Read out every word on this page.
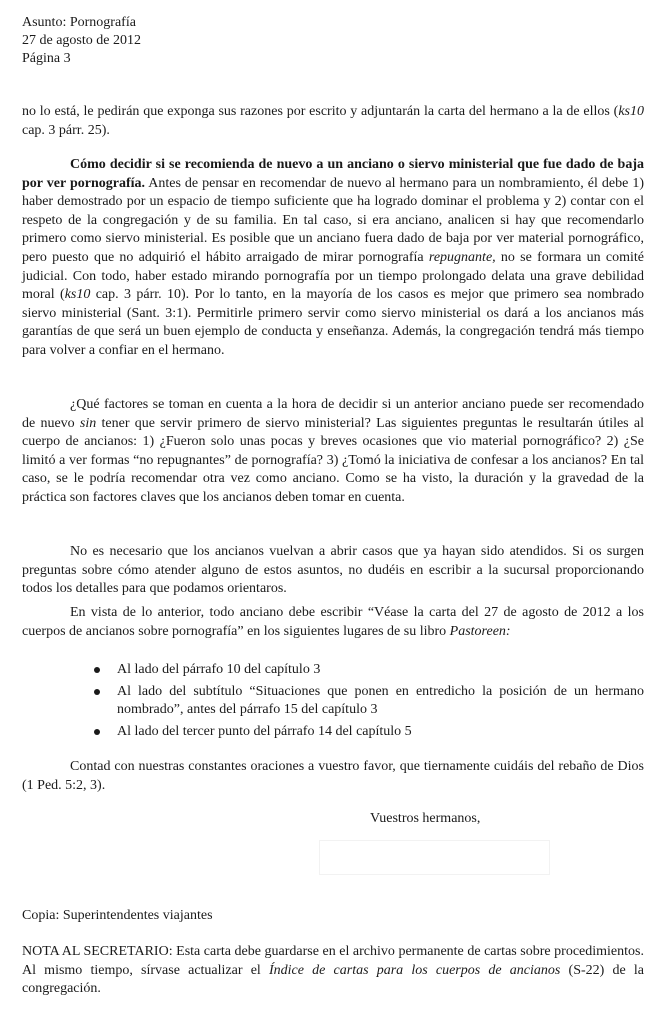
Asunto: Pornografía
27 de agosto de 2012
Página 3

no lo está, le pedirán que exponga sus razones por escrito y adjuntarán la carta del hermano a la de ellos (ks10 cap. 3 párr. 25).

Cómo decidir si se recomienda de nuevo a un anciano o siervo ministerial que fue dado de baja por ver pornografía. Antes de pensar en recomendar de nuevo al hermano para un nombramiento, él debe 1) haber demostrado por un espacio de tiempo suficiente que ha logrado dominar el problema y 2) contar con el respeto de la congregación y de su familia. En tal caso, si era anciano, analicen si hay que recomendarlo primero como siervo ministerial. Es posible que un anciano fuera dado de baja por ver material pornográfico, pero puesto que no adquirió el hábito arraigado de mirar pornografía repugnante, no se formara un comité judicial. Con todo, haber estado mirando pornografía por un tiempo prolongado delata una grave debilidad moral (ks10 cap. 3 párr. 10). Por lo tanto, en la mayoría de los casos es mejor que primero sea nombrado siervo ministerial (Sant. 3:1). Permitirle primero servir como siervo ministerial os dará a los ancianos más garantías de que será un buen ejemplo de conducta y enseñanza. Además, la congregación tendrá más tiempo para volver a confiar en el hermano.

¿Qué factores se toman en cuenta a la hora de decidir si un anterior anciano puede ser recomendado de nuevo sin tener que servir primero de siervo ministerial? Las siguientes preguntas le resultarán útiles al cuerpo de ancianos: 1) ¿Fueron solo unas pocas y breves ocasiones que vio material pornográfico? 2) ¿Se limitó a ver formas “no repugnantes” de pornografía? 3) ¿Tomó la iniciativa de confesar a los ancianos? En tal caso, se le podría recomendar otra vez como anciano. Como se ha visto, la duración y la gravedad de la práctica son factores claves que los ancianos deben tomar en cuenta.

No es necesario que los ancianos vuelvan a abrir casos que ya hayan sido atendidos. Si os surgen preguntas sobre cómo atender alguno de estos asuntos, no dudéis en escribir a la sucursal proporcionando todos los detalles para que podamos orientaros.

En vista de lo anterior, todo anciano debe escribir “Véase la carta del 27 de agosto de 2012 a los cuerpos de ancianos sobre pornografía” en los siguientes lugares de su libro Pastoreen:

Al lado del párrafo 10 del capítulo 3
Al lado del subtítulo “Situaciones que ponen en entredicho la posición de un hermano nombrado”, antes del párrafo 15 del capítulo 3
Al lado del tercer punto del párrafo 14 del capítulo 5

Contad con nuestras constantes oraciones a vuestro favor, que tiernamente cuidáis del rebaño de Dios (1 Ped. 5:2, 3).

Vuestros hermanos,
Copia: Superintendentes viajantes

NOTA AL SECRETARIO: Esta carta debe guardarse en el archivo permanente de cartas sobre procedimientos. Al mismo tiempo, sírvase actualizar el Índice de cartas para los cuerpos de ancianos (S-22) de la congregación.
